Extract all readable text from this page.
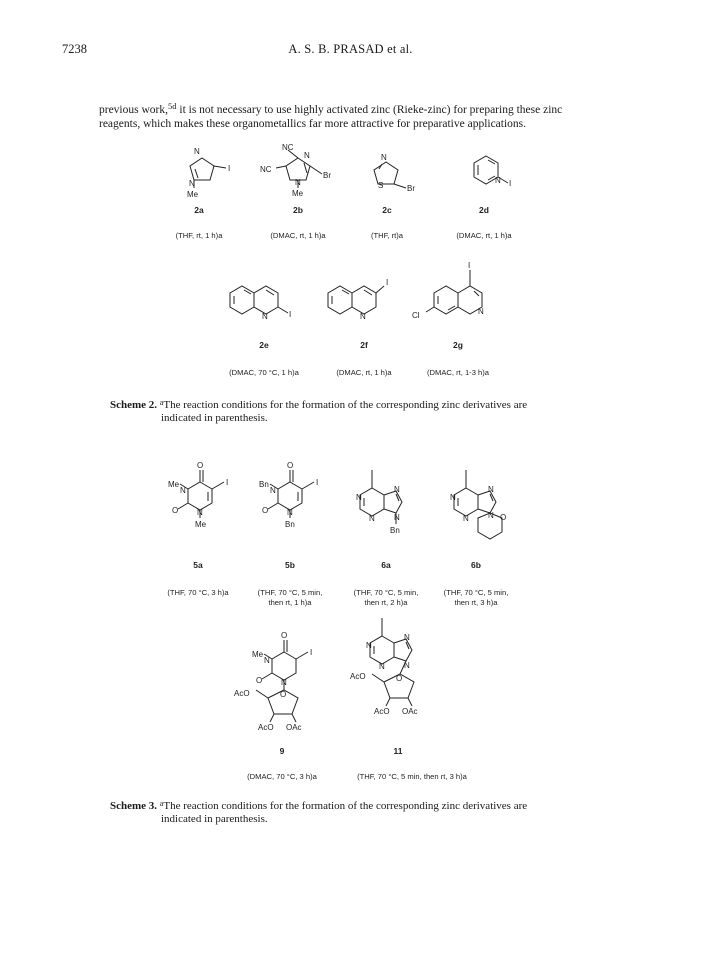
7238	A. S. B. PRASAD et al.
previous work,$^{5d}$ it is not necessary to use highly activated zinc (Rieke-zinc) for preparing these zinc
reagents, which makes these organometallics far more attractive for preparative applications.
N
I
N
Me
NC
N
NC
Br
N
Me
N
S	Br
N I
N	I	N
I
N
I
Cl
2a	2b	2c	2d
(THF, rt, 1 h)a	(DMAC, rt, 1 h)a	(THF, rt)a	(DMAC, rt, 1 h)a
2e	2f	2g
(DMAC, 70 °C, 1 h)a	(DMAC, rt, 1 h)a	(DMAC, rt, 1-3 h)a
Scheme 2. $^a$The reaction conditions for the formation of the corresponding zinc derivatives are
indicated in parenthesis.
O
Me
N
I
O N
Me
O
Bn
N
I
O N
Bn
N
N
N N
Bn
N
N
N N O
O
Me
N
I
O N
O
AcO
AcO OAc
N
N
N N
O
AcO
AcO OAc
5a	5b	6a	6b
(THF, 70 °C, 3 h)a	(THF, 70 °C, 5 min,
then rt, 1 h)a
(THF, 70 °C, 5 min,
then rt, 2 h)a
(THF, 70 °C, 5 min,
then rt, 3 h)a
9	11
(DMAC, 70 °C, 3 h)a	(THF, 70 °C, 5 min, then rt, 3 h)a
Scheme 3. $^a$The reaction conditions for the formation of the corresponding zinc derivatives are
indicated in parenthesis.
